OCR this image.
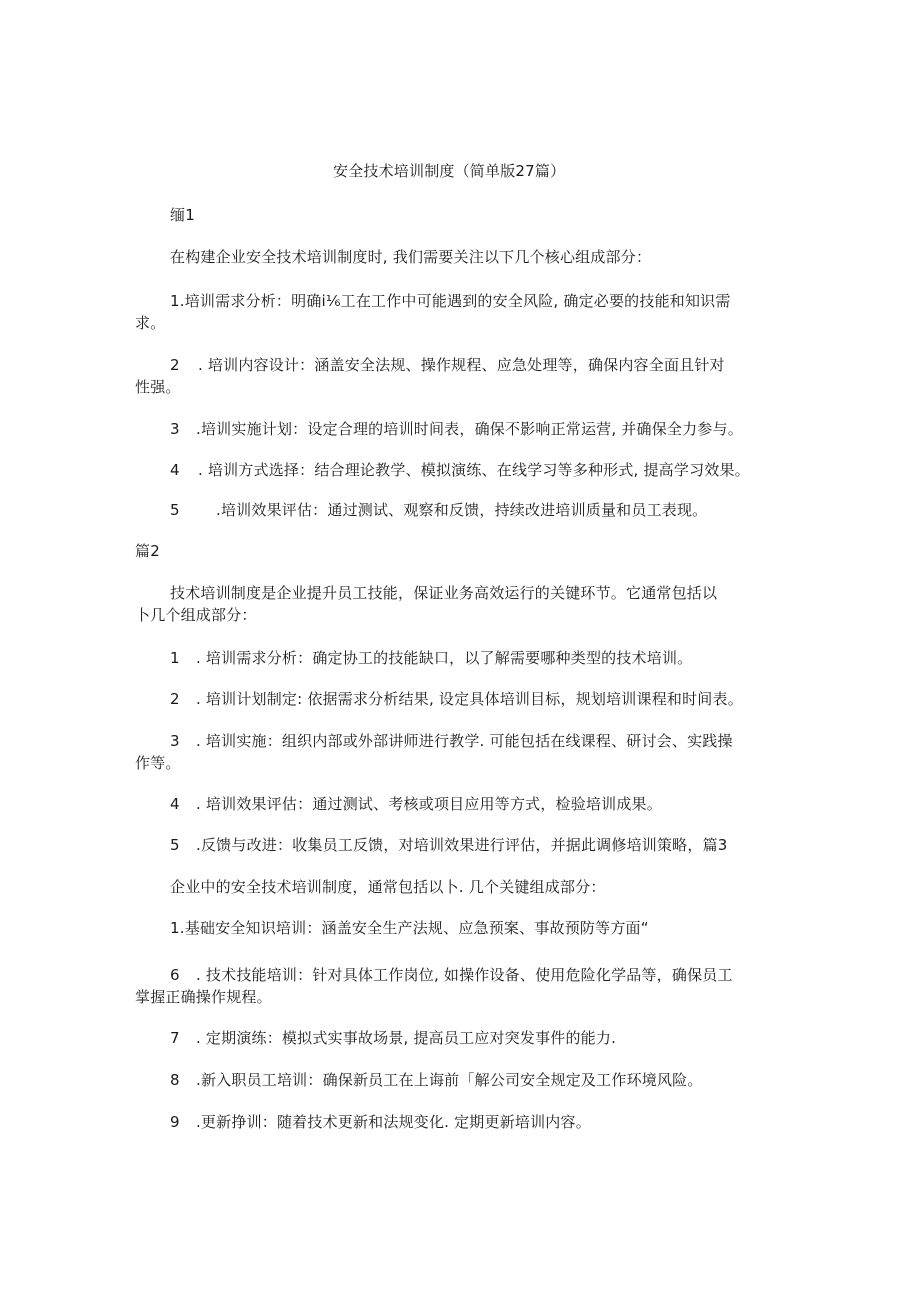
安全技术培训制度（简单版27篇）
缅1
在构建企业安全技术培训制度时, 我们需要关注以下几个核心组成部分：
1.培训需求分析：明确i⅙工在工作中可能遇到的安全风险, 确定必要的技能和知识需
求。
2 . 培训内容设计：涵盖安全法规、操作规程、应急处理等，确保内容全面且针对
性强。
3 .培训实施计划：设定合理的培训时间表，确保不影响正常运营, 并确保全力参与。
4 . 培训方式选择：结合理论教学、模拟演练、在线学习等多种形式, 提高学习效果。
5 .培训效果评估：通过测试、观察和反馈，持续改进培训质量和员工表现。
篇2
技术培训制度是企业提升员工技能，保证业务高效运行的关键环节。它通常包括以
卜几个组成部分：
1 . 培训需求分析：确定协工的技能缺口，以了解需要哪种类型的技术培训。
2 . 培训计划制定: 依据需求分析结果, 设定具体培训目标，规划培训课程和时间表。
3 . 培训实施：组织内部或外部讲师进行教学. 可能包括在线课程、研讨会、实践操
作等。
4 . 培训效果评估：通过测试、考核或项目应用等方式，检验培训成果。
5 .反馈与改进：收集员工反馈，对培训效果进行评估，并据此调修培训策略，篇3
企业中的安全技术培训制度，通常包括以卜. 几个关键组成部分：
1.基础安全知识培训：涵盖安全生产法规、应急预案、事故预防等方面“
6 . 技术技能培训：针对具体工作岗位, 如操作设备、使用危险化学品等，确保员工
掌握正确操作规程。
7 . 定期演练：模拟式实事故场景, 提高员工应对突发事件的能力.
8 .新入职员工培训：确保新员工在上诲前「解公司安全规定及工作环境风险。
9 .更新挣训：随着技术更新和法规变化. 定期更新培训内容。
